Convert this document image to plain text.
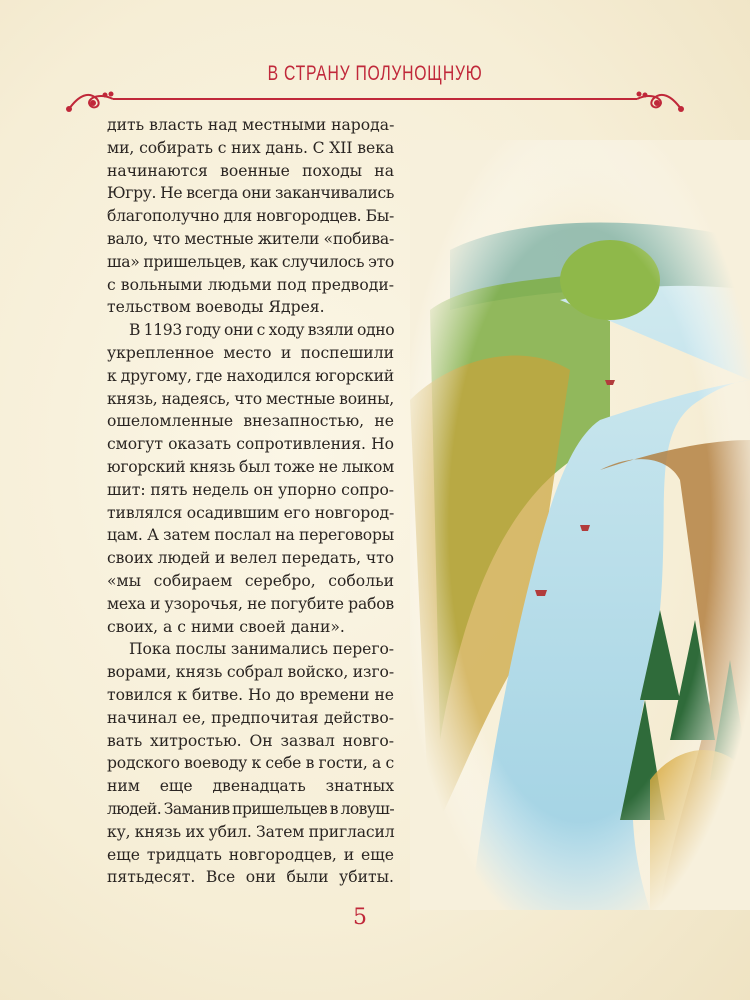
В СТРАНУ ПОЛУНОЩНУЮ
дить власть над местными народа-
ми, собирать с них дань. С XII века
начинаются военные походы на
Югру. Не всегда они заканчивались
благополучно для новгородцев. Бы-
вало, что местные жители «побива-
ша» пришельцев, как случилось это
с вольными людьми под предводи-
тельством воеводы Ядрея.
В 1193 году они с ходу взяли одно
укрепленное место и поспешили
к другому, где находился югорский
князь, надеясь, что местные воины,
ошеломленные внезапностью, не
смогут оказать сопротивления. Но
югорский князь был тоже не лыком
шит: пять недель он упорно сопро-
тивлялся осадившим его новгород-
цам. А затем послал на переговоры
своих людей и велел передать, что
«мы собираем серебро, собольи
меха и узорочья, не погубите рабов
своих, а с ними своей дани».
Пока послы занимались перего-
ворами, князь собрал войско, изго-
товился к битве. Но до времени не
начинал ее, предпочитая действо-
вать хитростью. Он зазвал новго-
родского воеводу к себе в гости, а с
ним еще двенадцать знатных
людей. Заманив пришельцев в ловуш-
ку, князь их убил. Затем пригласил
еще тридцать новгородцев, и еще
пятьдесят. Все они были убиты.
5
